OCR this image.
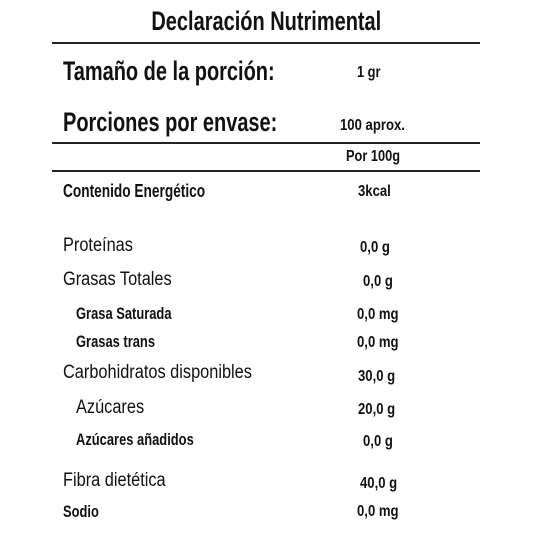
Declaración Nutrimental
Tamaño de la porción:	1 gr
Porciones por envase:	100 aprox.
Por 100g
Contenido Energético	3kcal
Proteínas	0,0 g
Grasas Totales	0,0 g
Grasa Saturada	0,0 mg
Grasas trans	0,0 mg
Carbohidratos disponibles	30,0 g
Azúcares	20,0 g
Azúcares añadidos	0,0 g
Fibra dietética	40,0 g
Sodio	0,0 mg
